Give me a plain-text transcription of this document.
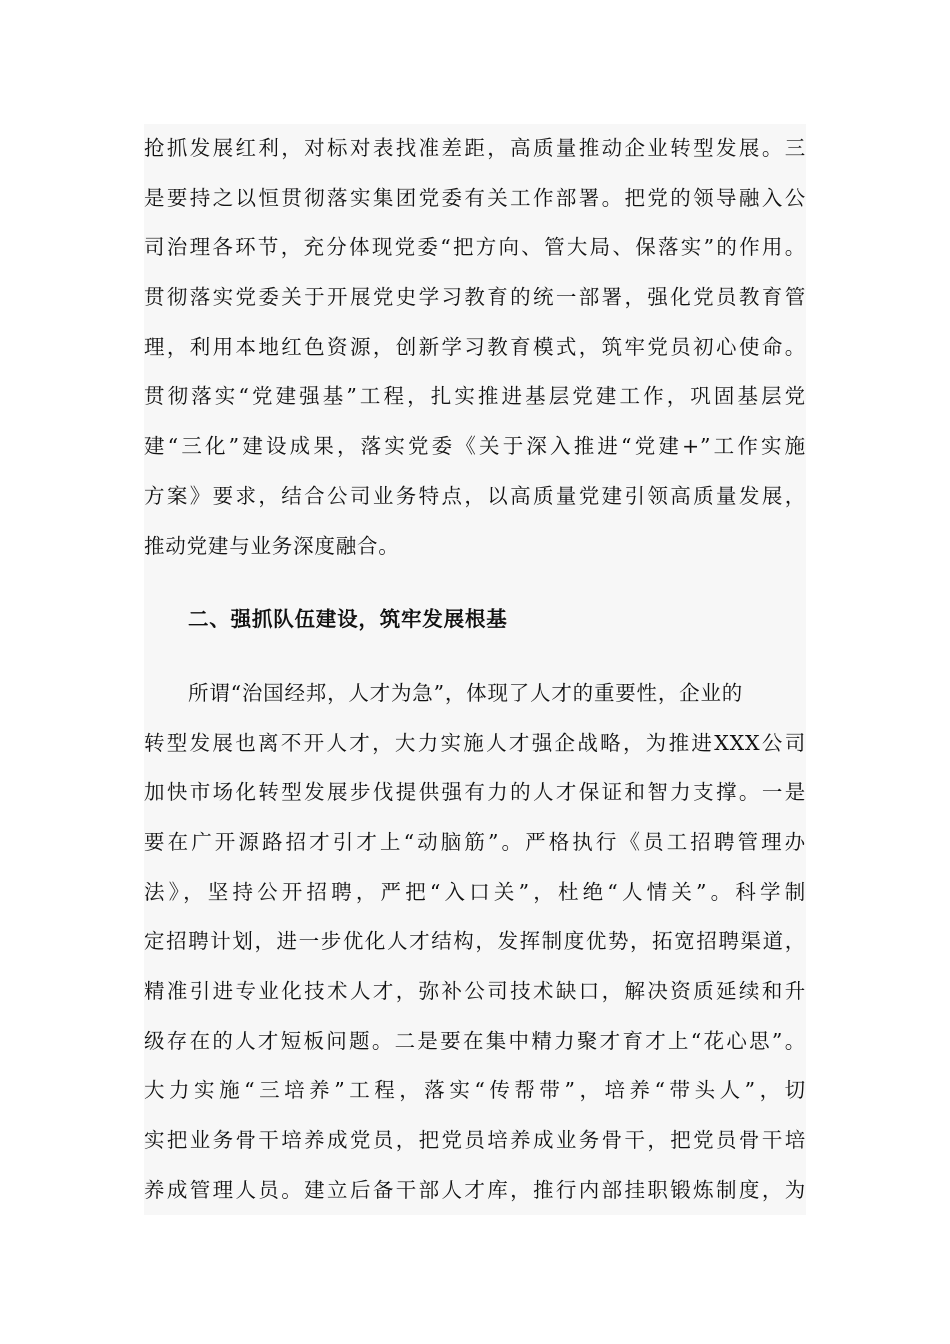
抢抓发展红利，对标对表找准差距，高质量推动企业转型发展。三
是要持之以恒贯彻落实集团党委有关工作部署。把党的领导融入公
司治理各环节，充分体现党委“把方向、管大局、保落实”的作用。
贯彻落实党委关于开展党史学习教育的统一部署，强化党员教育管
理，利用本地红色资源，创新学习教育模式，筑牢党员初心使命。
贯彻落实“党建强基”工程，扎实推进基层党建工作，巩固基层党
建“三化”建设成果，落实党委《关于深入推进“党建+”工作实施
方案》要求，结合公司业务特点，以高质量党建引领高质量发展，
推动党建与业务深度融合。
二、强抓队伍建设，筑牢发展根基
所谓“治国经邦，人才为急”，体现了人才的重要性，企业的
转型发展也离不开人才，大力实施人才强企战略，为推进XXX公司
加快市场化转型发展步伐提供强有力的人才保证和智力支撑。一是
要在广开源路招才引才上“动脑筋”。严格执行《员工招聘管理办
法》，坚持公开招聘，严把“入口关”，杜绝“人情关”。科学制
定招聘计划，进一步优化人才结构，发挥制度优势，拓宽招聘渠道，
精准引进专业化技术人才，弥补公司技术缺口，解决资质延续和升
级存在的人才短板问题。二是要在集中精力聚才育才上“花心思”。
大力实施“三培养”工程，落实“传帮带”，培养“带头人”，切
实把业务骨干培养成党员，把党员培养成业务骨干，把党员骨干培
养成管理人员。建立后备干部人才库，推行内部挂职锻炼制度，为
